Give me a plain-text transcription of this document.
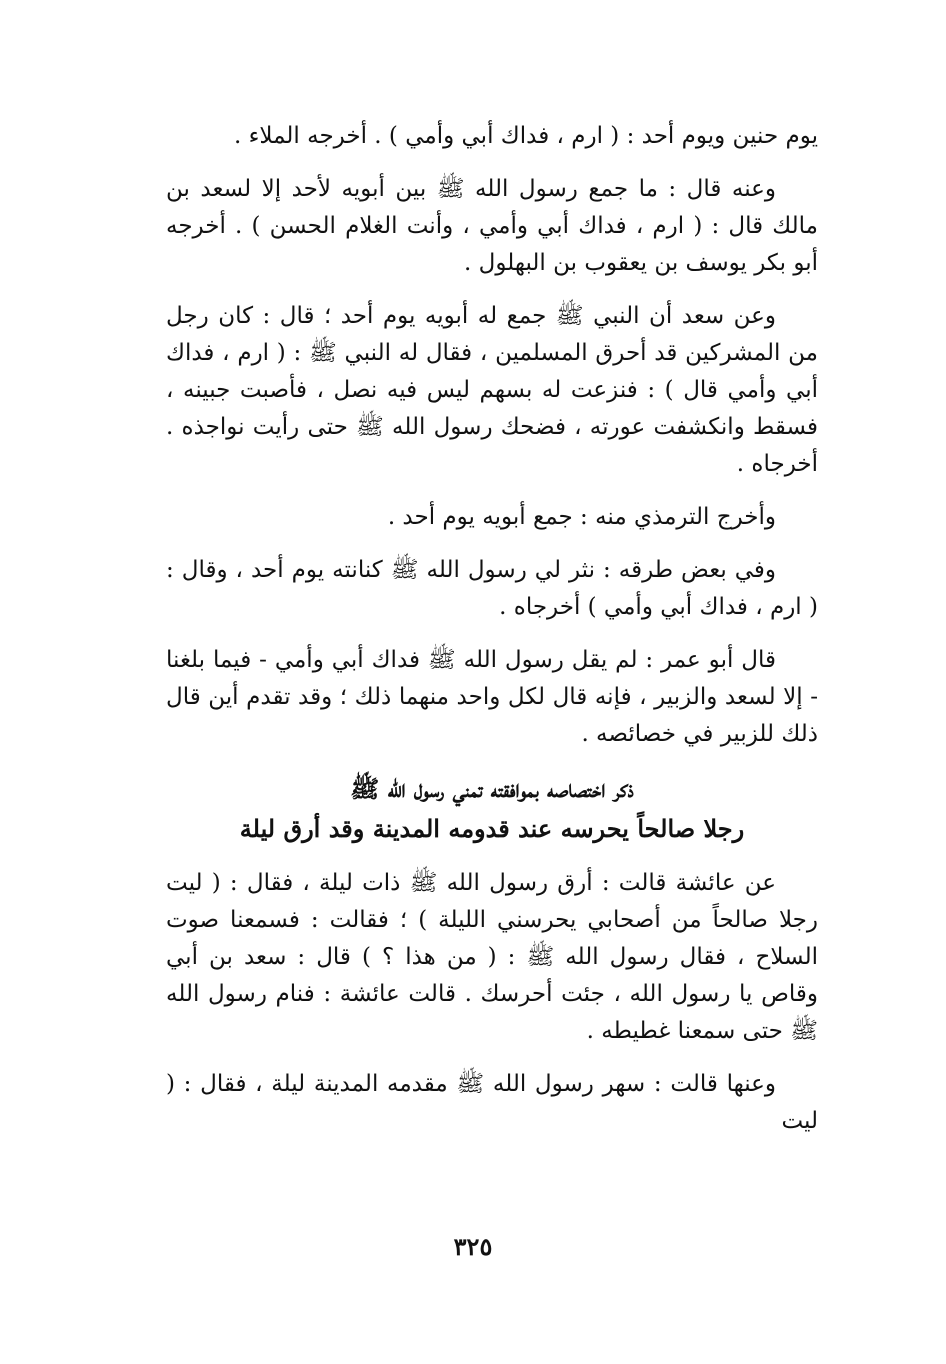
يوم حنين ويوم أحد : ( ارم ، فداك أبي وأمي ) . أخرجه الملاء .

وعنه قال : ما جمع رسول الله ﷺ بين أبويه لأحد إلا لسعد بن مالك قال : ( ارم ، فداك أبي وأمي ، وأنت الغلام الحسن ) . أخرجه أبو بكر يوسف بن يعقوب بن البهلول .

وعن سعد أن النبي ﷺ جمع له أبويه يوم أحد ؛ قال : كان رجل من المشركين قد أحرق المسلمين ، فقال له النبي ﷺ : ( ارم ، فداك أبي وأمي قال ) : فنزعت له بسهم ليس فيه نصل ، فأصبت جبينه ، فسقط وانكشفت عورته ، فضحك رسول الله ﷺ حتى رأيت نواجذه . أخرجاه .

وأخرج الترمذي منه : جمع أبويه يوم أحد .

وفي بعض طرقه : نثر لي رسول الله ﷺ كنانته يوم أحد ، وقال : ( ارم ، فداك أبي وأمي ) أخرجاه .

قال أبو عمر : لم يقل رسول الله ﷺ فداك أبي وأمي - فيما بلغنا - إلا لسعد والزبير ، فإنه قال لكل واحد منهما ذلك ؛ وقد تقدم أين قال ذلك للزبير في خصائصه .

ذكر اختصاصه بموافقته تمني رسول الله ﷺ

رجلا صالحاً يحرسه عند قدومه المدينة وقد أرق ليلة

عن عائشة قالت : أرق رسول الله ﷺ ذات ليلة ، فقال : ( ليت رجلا صالحاً من أصحابي يحرسني الليلة ) ؛ فقالت : فسمعنا صوت السلاح ، فقال رسول الله ﷺ : ( من هذا ؟ ) قال : سعد بن أبي وقاص يا رسول الله ، جئت أحرسك . قالت عائشة : فنام رسول الله ﷺ حتى سمعنا غطيطه .

وعنها قالت : سهر رسول الله ﷺ مقدمه المدينة ليلة ، فقال : ( ليت

٣٢٥
